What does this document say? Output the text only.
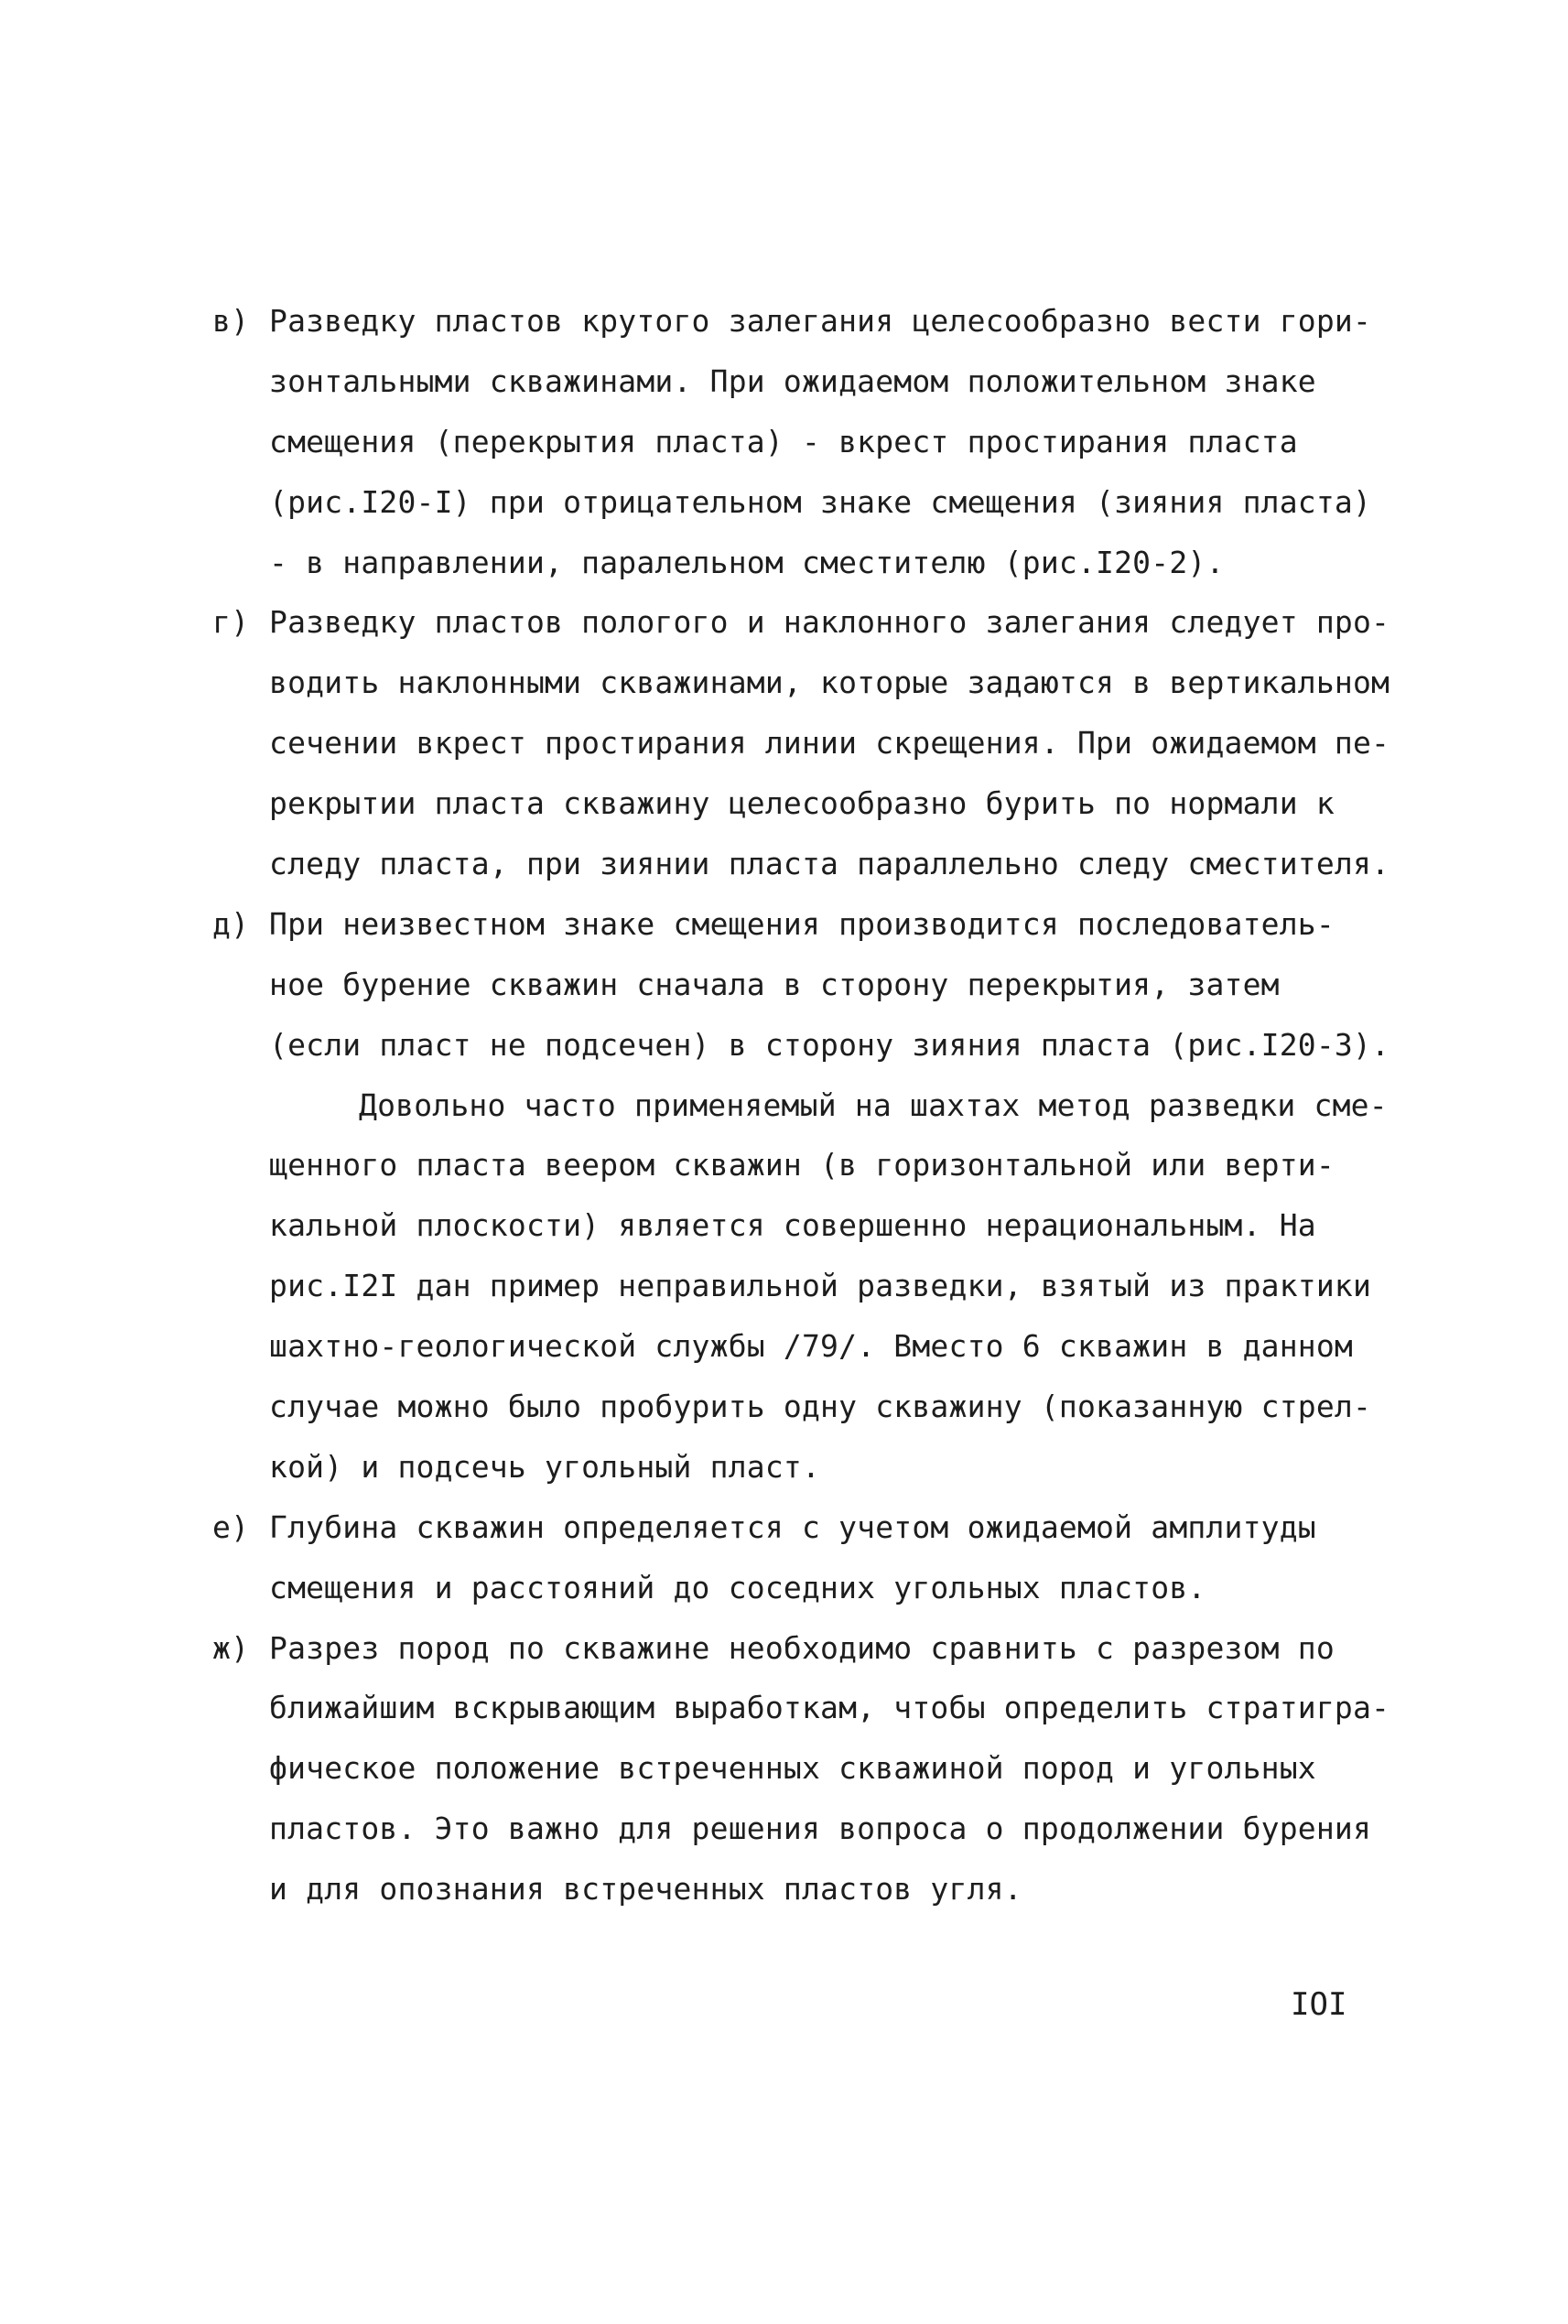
в)

Разведку пластов крутого залегания целесообразно вести гори-

зонтальными скважинами. При ожидаемом положительном знаке

смещения (перекрытия пласта) - вкрест простирания пласта

(рис.I20-I) при отрицательном знаке смещения (зияния пласта)

- в направлении, паралельном сместителю (рис.I20-2).

г)

Разведку пластов пологого и наклонного залегания следует про-

водить наклонными скважинами, которые задаются в вертикальном

сечении вкрест простирания линии скрещения. При ожидаемом пе-

рекрытии пласта скважину целесообразно бурить по нормали к

следу пласта, при зиянии пласта параллельно следу сместителя.

д)

При неизвестном знаке смещения производится последователь-

ное бурение скважин сначала в сторону перекрытия, затем

(если пласт не подсечен) в сторону зияния пласта (рис.I20-3).

Довольно часто применяемый на шахтах метод разведки сме-

щенного пласта веером скважин (в горизонтальной или верти-

кальной плоскости) является совершенно нерациональным. На

рис.I2I дан пример неправильной разведки, взятый из практики

шахтно-геологической службы /79/. Вместо 6 скважин в данном

случае можно было пробурить одну скважину (показанную стрел-

кой) и подсечь угольный пласт.

е)

Глубина скважин определяется с учетом ожидаемой амплитуды

смещения и расстояний до соседних угольных пластов.

ж)

Разрез пород по скважине необходимо сравнить с разрезом по

ближайшим вскрывающим выработкам, чтобы определить стратигра-

фическое положение встреченных скважиной пород и угольных

пластов. Это важно для решения вопроса о продолжении бурения

и для опознания встреченных пластов угля.

IOI
